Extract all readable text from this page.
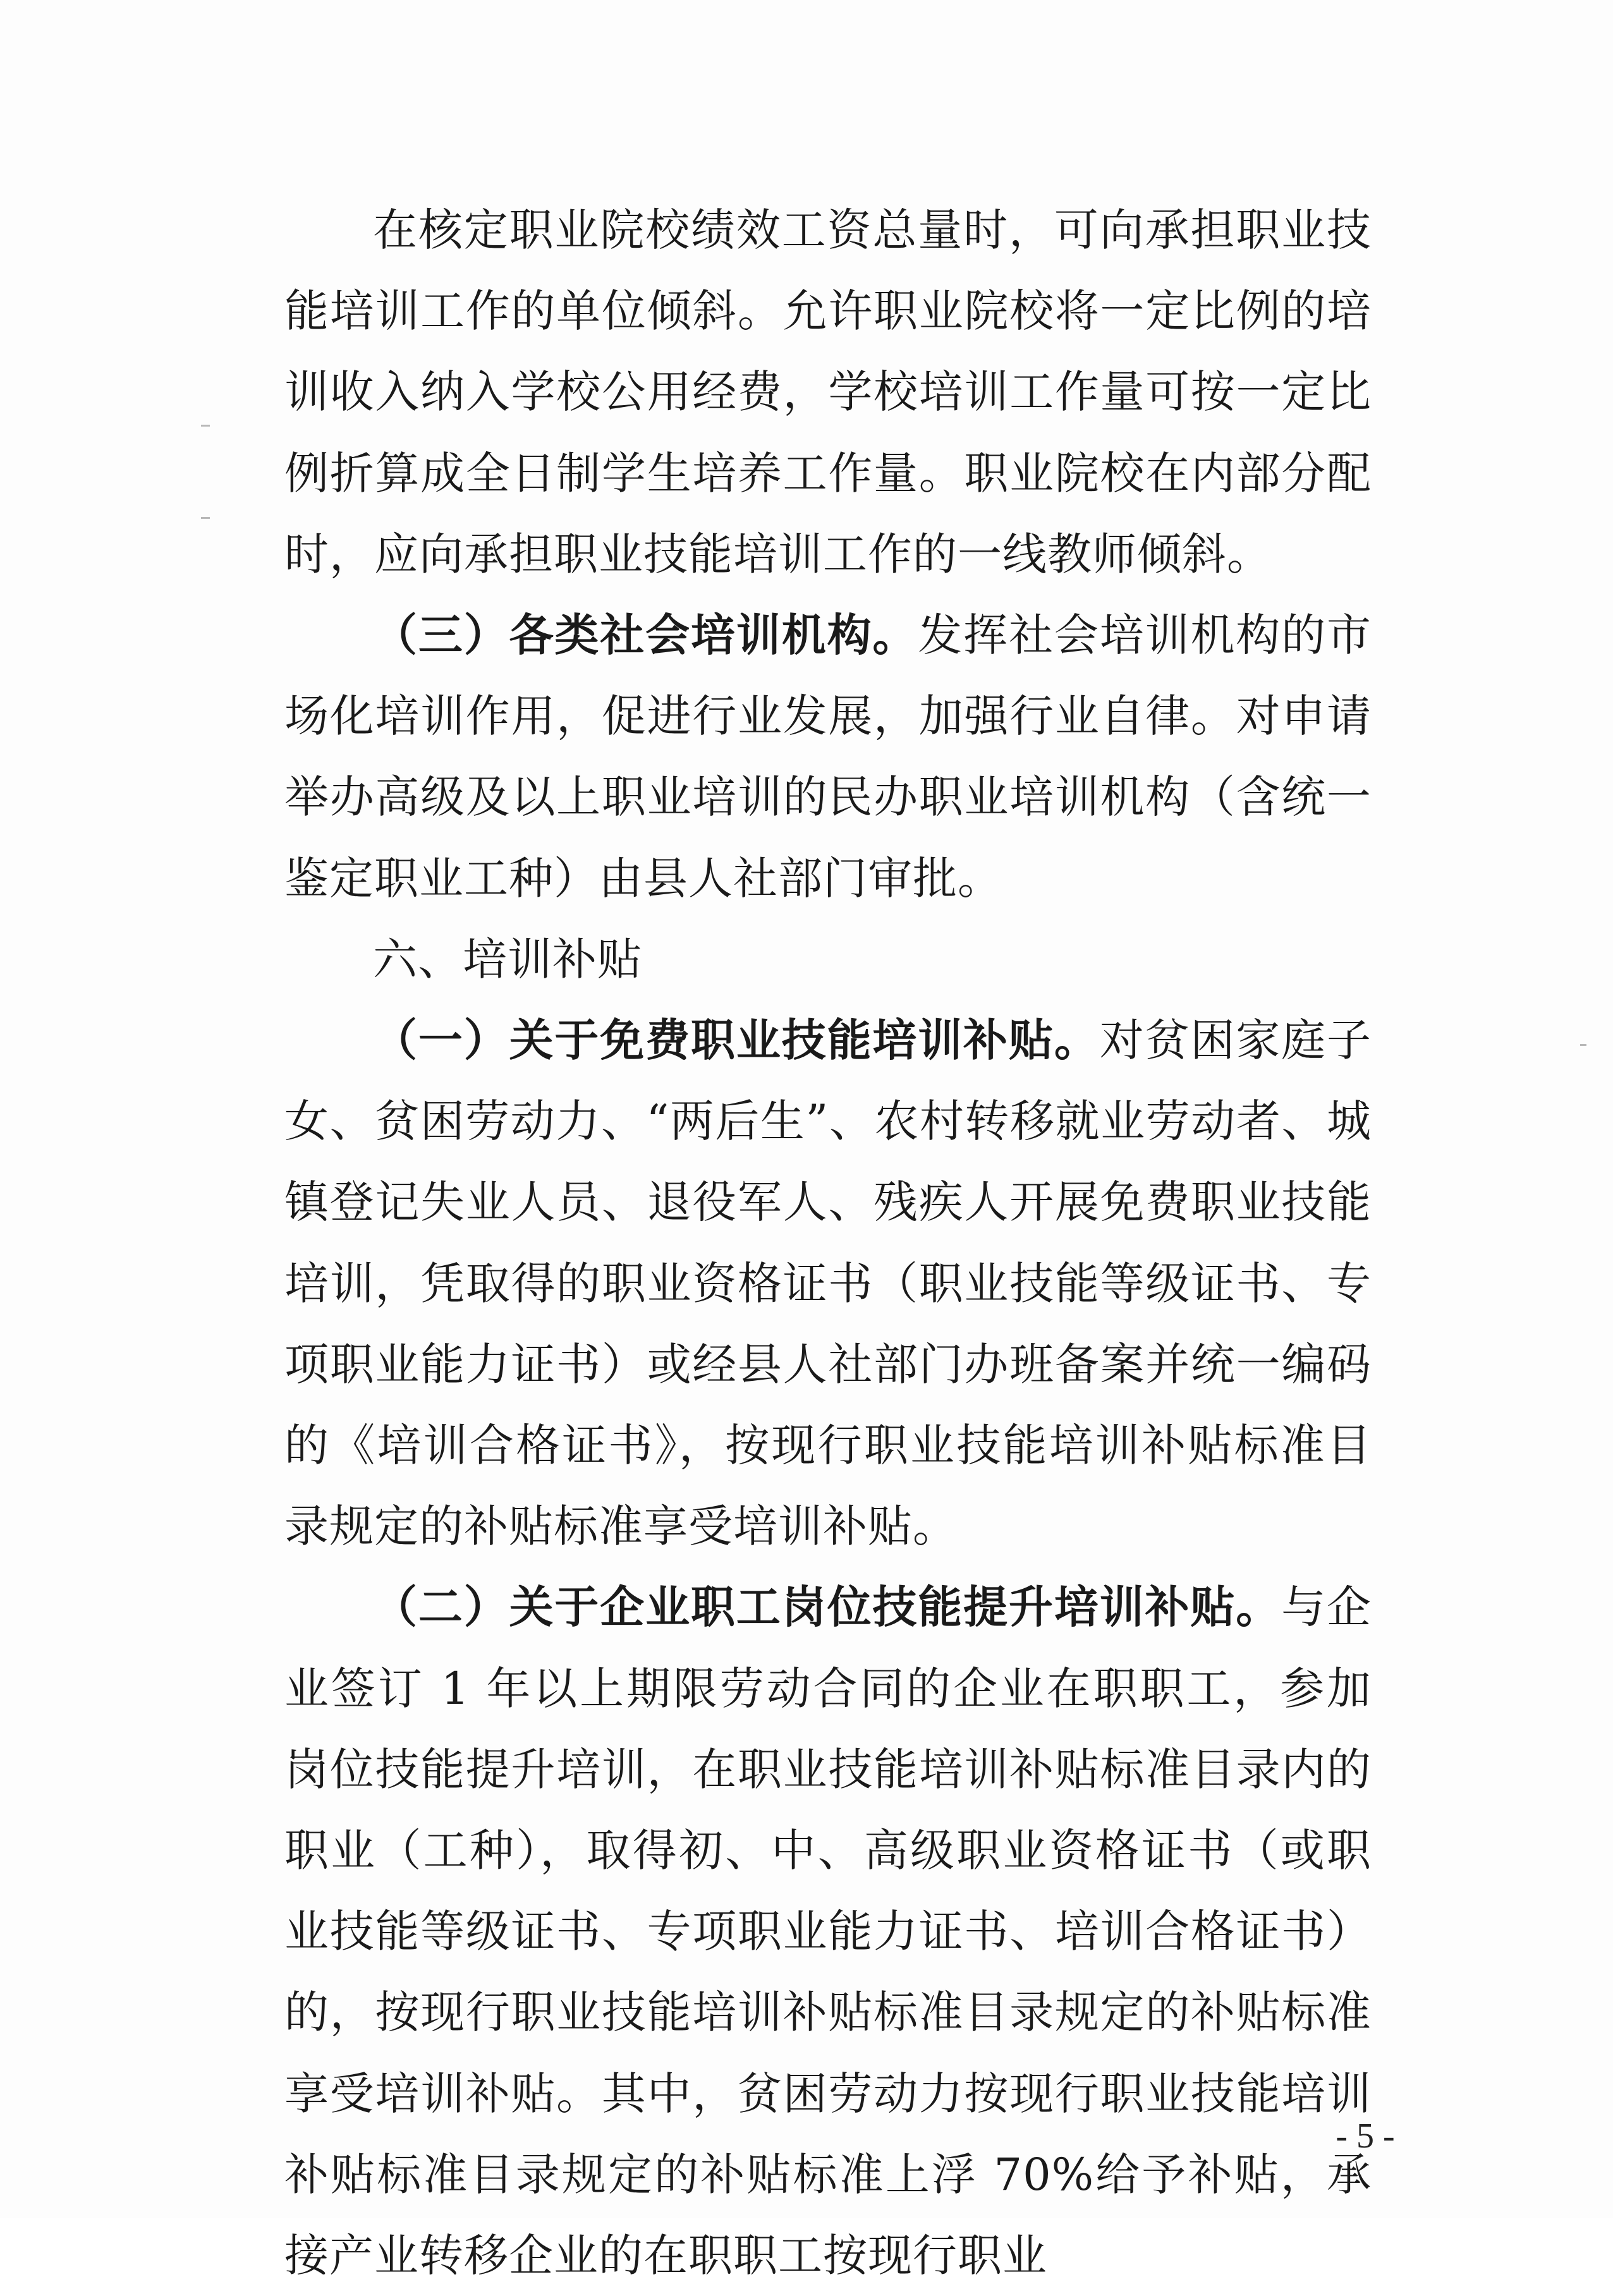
在核定职业院校绩效工资总量时，可向承担职业技能培训工作的单位倾斜。允许职业院校将一定比例的培训收入纳入学校公用经费，学校培训工作量可按一定比例折算成全日制学生培养工作量。职业院校在内部分配时，应向承担职业技能培训工作的一线教师倾斜。

（三）各类社会培训机构。发挥社会培训机构的市场化培训作用，促进行业发展，加强行业自律。对申请举办高级及以上职业培训的民办职业培训机构（含统一鉴定职业工种）由县人社部门审批。

六、培训补贴

（一）关于免费职业技能培训补贴。对贫困家庭子女、贫困劳动力、“两后生”、农村转移就业劳动者、城镇登记失业人员、退役军人、残疾人开展免费职业技能培训，凭取得的职业资格证书（职业技能等级证书、专项职业能力证书）或经县人社部门办班备案并统一编码的《培训合格证书》，按现行职业技能培训补贴标准目录规定的补贴标准享受培训补贴。

（二）关于企业职工岗位技能提升培训补贴。与企业签订 1 年以上期限劳动合同的企业在职职工，参加岗位技能提升培训，在职业技能培训补贴标准目录内的职业（工种），取得初、中、高级职业资格证书（或职业技能等级证书、专项职业能力证书、培训合格证书）的，按现行职业技能培训补贴标准目录规定的补贴标准享受培训补贴。其中，贫困劳动力按现行职业技能培训补贴标准目录规定的补贴标准上浮 70%给予补贴，承接产业转移企业的在职职工按现行职业

- 5 -
